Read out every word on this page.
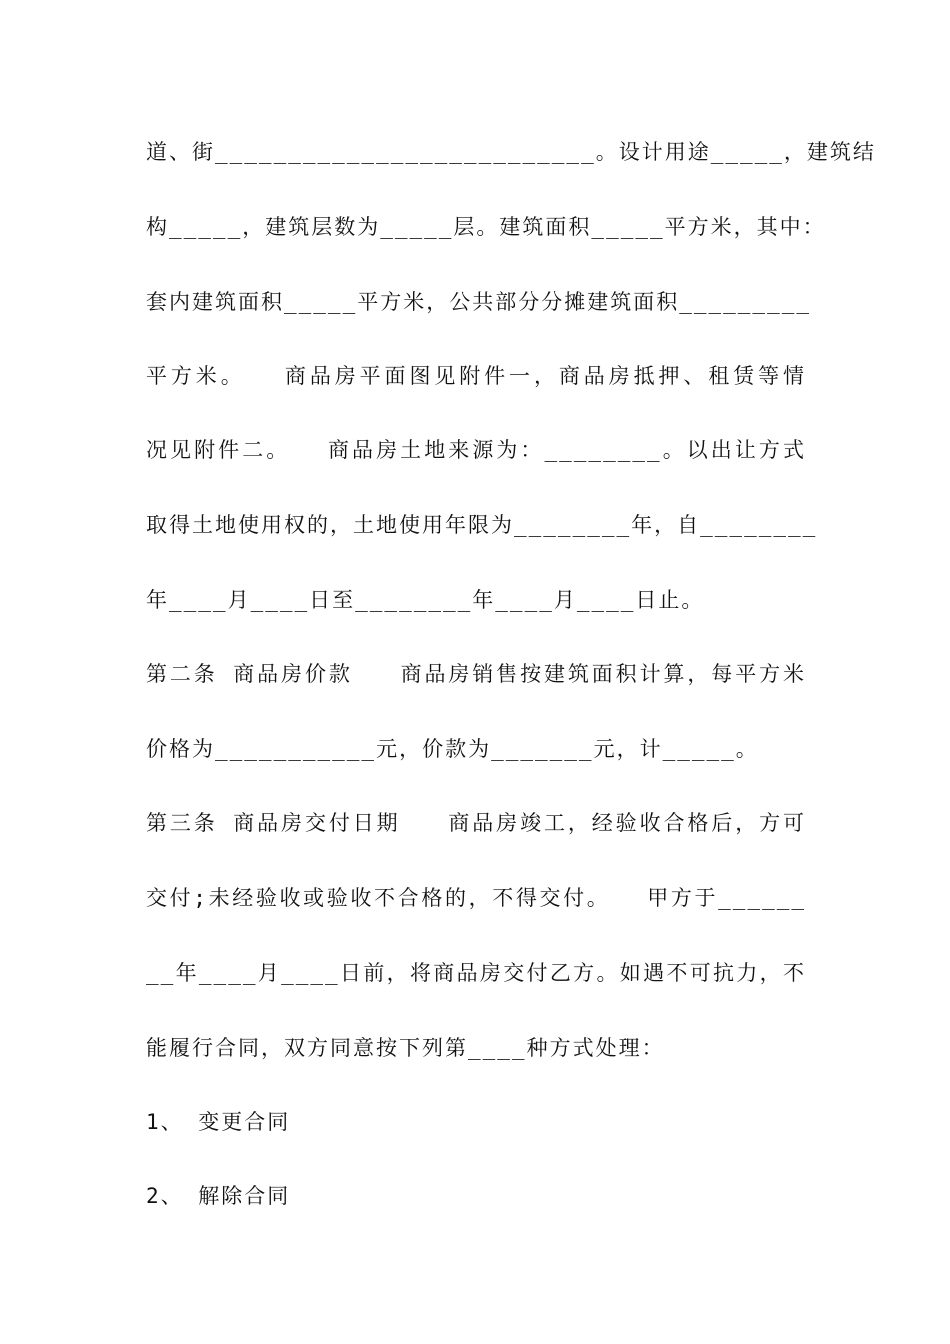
道、街__________________________。设计用途_____，建筑结
构_____，建筑层数为_____层。建筑面积_____平方米，其中：
套内建筑面积_____平方米，公共部分分摊建筑面积_________
平方米。　　商品房平面图见附件一，商品房抵押、租赁等情
况见附件二。　　商品房土地来源为：________。以出让方式
取得土地使用权的，土地使用年限为________年，自________
年____月____日至________年____月____日止。
第二条 商品房价款　　商品房销售按建筑面积计算，每平方米
价格为___________元，价款为_______元，计_____。
第三条 商品房交付日期　　商品房竣工，经验收合格后，方可
交付;未经验收或验收不合格的，不得交付。　　甲方于______
__年____月____日前，将商品房交付乙方。如遇不可抗力，不
能履行合同，双方同意按下列第____种方式处理：
1、 变更合同
2、 解除合同
